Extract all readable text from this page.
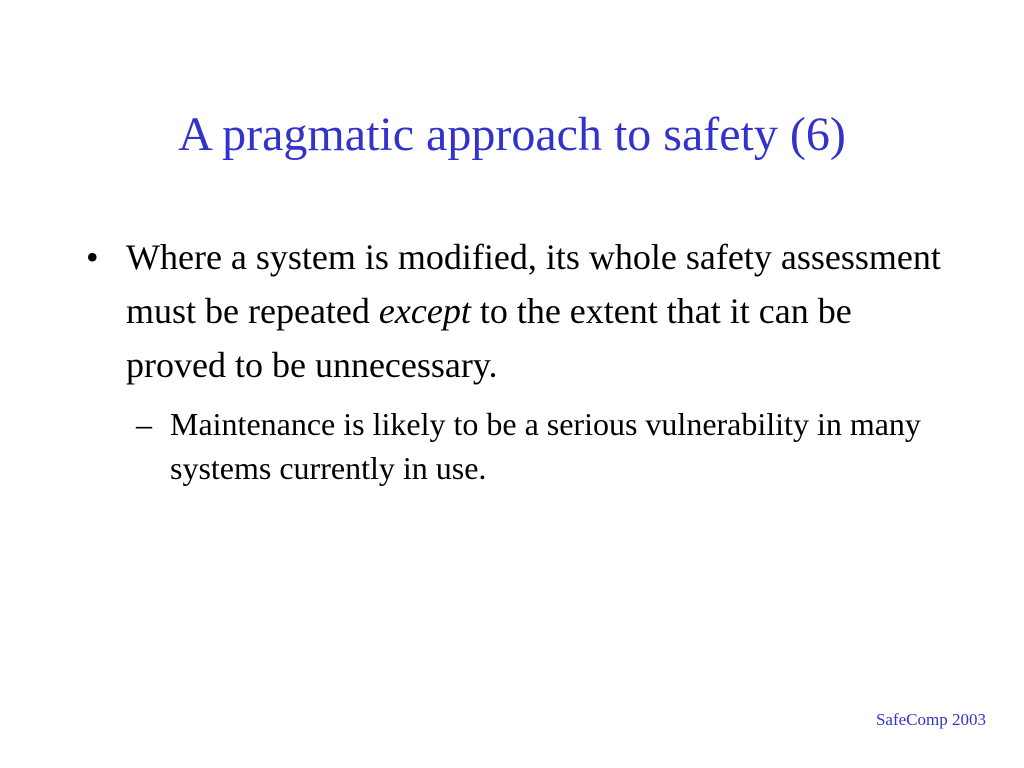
A pragmatic approach to safety (6)
• Where a system is modified, its whole safety assessment must be repeated except to the extent that it can be proved to be unnecessary.
– Maintenance is likely to be a serious vulnerability in many systems currently in use.
SafeComp 2003
